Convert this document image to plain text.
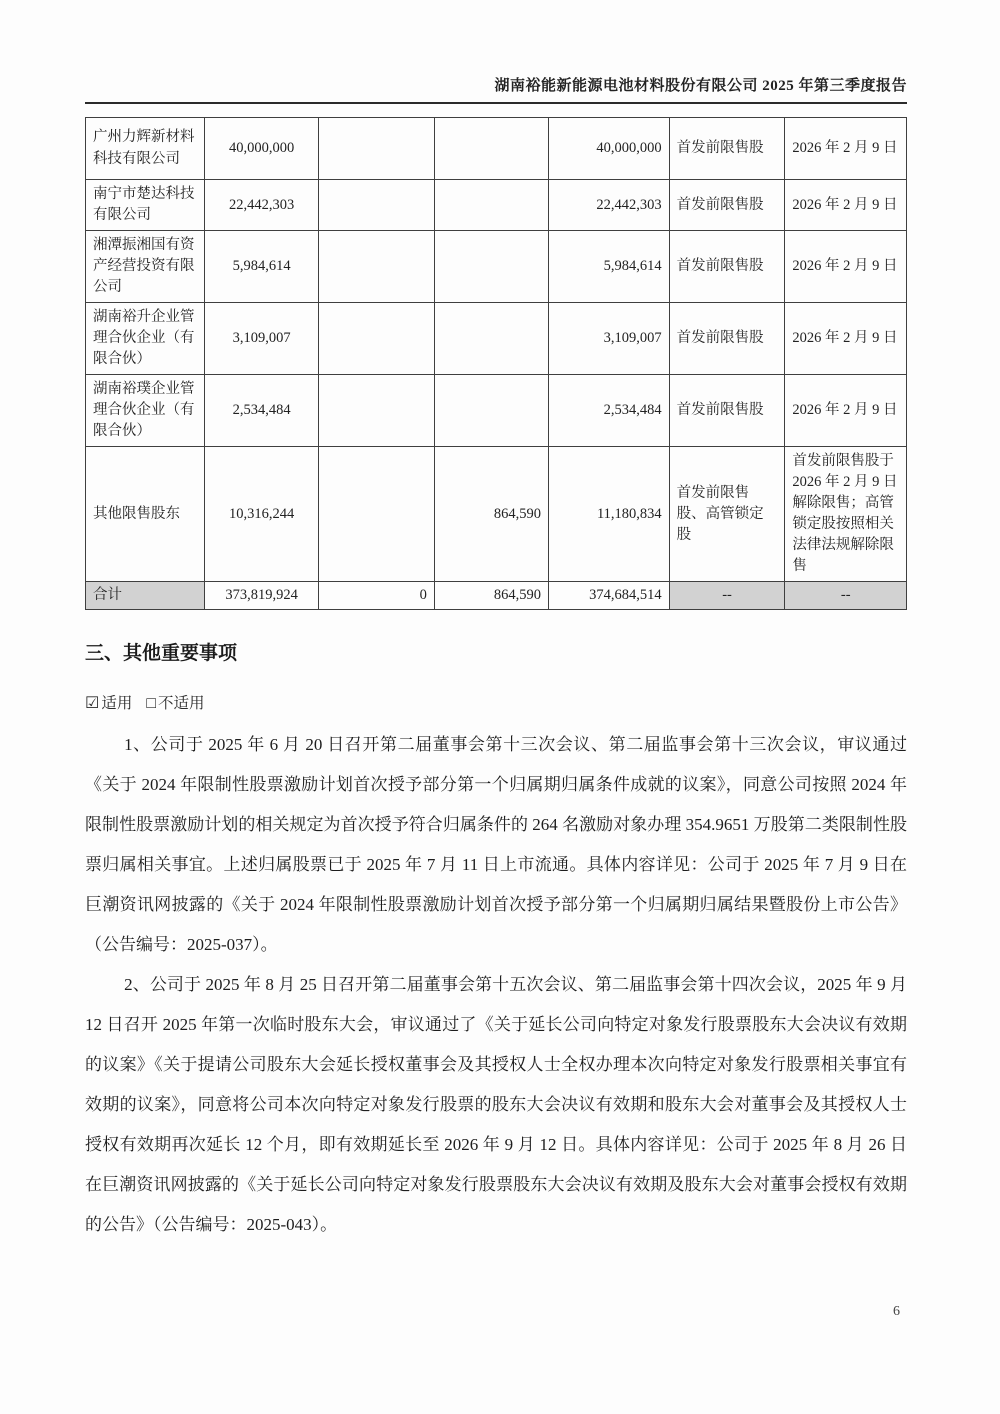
湖南裕能新能源电池材料股份有限公司 2025 年第三季度报告
广州力辉新材料科技有限公司	40,000,000			40,000,000	首发前限售股	2026 年 2 月 9 日
南宁市楚达科技有限公司	22,442,303			22,442,303	首发前限售股	2026 年 2 月 9 日
湘潭振湘国有资产经营投资有限公司	5,984,614			5,984,614	首发前限售股	2026 年 2 月 9 日
湖南裕升企业管理合伙企业（有限合伙）	3,109,007			3,109,007	首发前限售股	2026 年 2 月 9 日
湖南裕璞企业管理合伙企业（有限合伙）	2,534,484			2,534,484	首发前限售股	2026 年 2 月 9 日
其他限售股东	10,316,244		864,590	11,180,834	首发前限售股、高管锁定股	首发前限售股于 2026 年 2 月 9 日解除限售；高管锁定股按照相关法律法规解除限售
合计	373,819,924	0	864,590	374,684,514	--	--
三、其他重要事项
☑ 适用 □ 不适用

1、公司于 2025 年 6 月 20 日召开第二届董事会第十三次会议、第二届监事会第十三次会议，审议通过《关于 2024 年限制性股票激励计划首次授予部分第一个归属期归属条件成就的议案》，同意公司按照 2024 年限制性股票激励计划的相关规定为首次授予符合归属条件的 264 名激励对象办理 354.9651 万股第二类限制性股票归属相关事宜。上述归属股票已于 2025 年 7 月 11 日上市流通。具体内容详见：公司于 2025 年 7 月 9 日在巨潮资讯网披露的《关于 2024 年限制性股票激励计划首次授予部分第一个归属期归属结果暨股份上市公告》（公告编号：2025-037）。

2、公司于 2025 年 8 月 25 日召开第二届董事会第十五次会议、第二届监事会第十四次会议，2025 年 9 月 12 日召开 2025 年第一次临时股东大会，审议通过了《关于延长公司向特定对象发行股票股东大会决议有效期的议案》《关于提请公司股东大会延长授权董事会及其授权人士全权办理本次向特定对象发行股票相关事宜有效期的议案》，同意将公司本次向特定对象发行股票的股东大会决议有效期和股东大会对董事会及其授权人士授权有效期再次延长 12 个月，即有效期延长至 2026 年 9 月 12 日。具体内容详见：公司于 2025 年 8 月 26 日在巨潮资讯网披露的《关于延长公司向特定对象发行股票股东大会决议有效期及股东大会对董事会授权有效期的公告》（公告编号：2025-043）。

6
